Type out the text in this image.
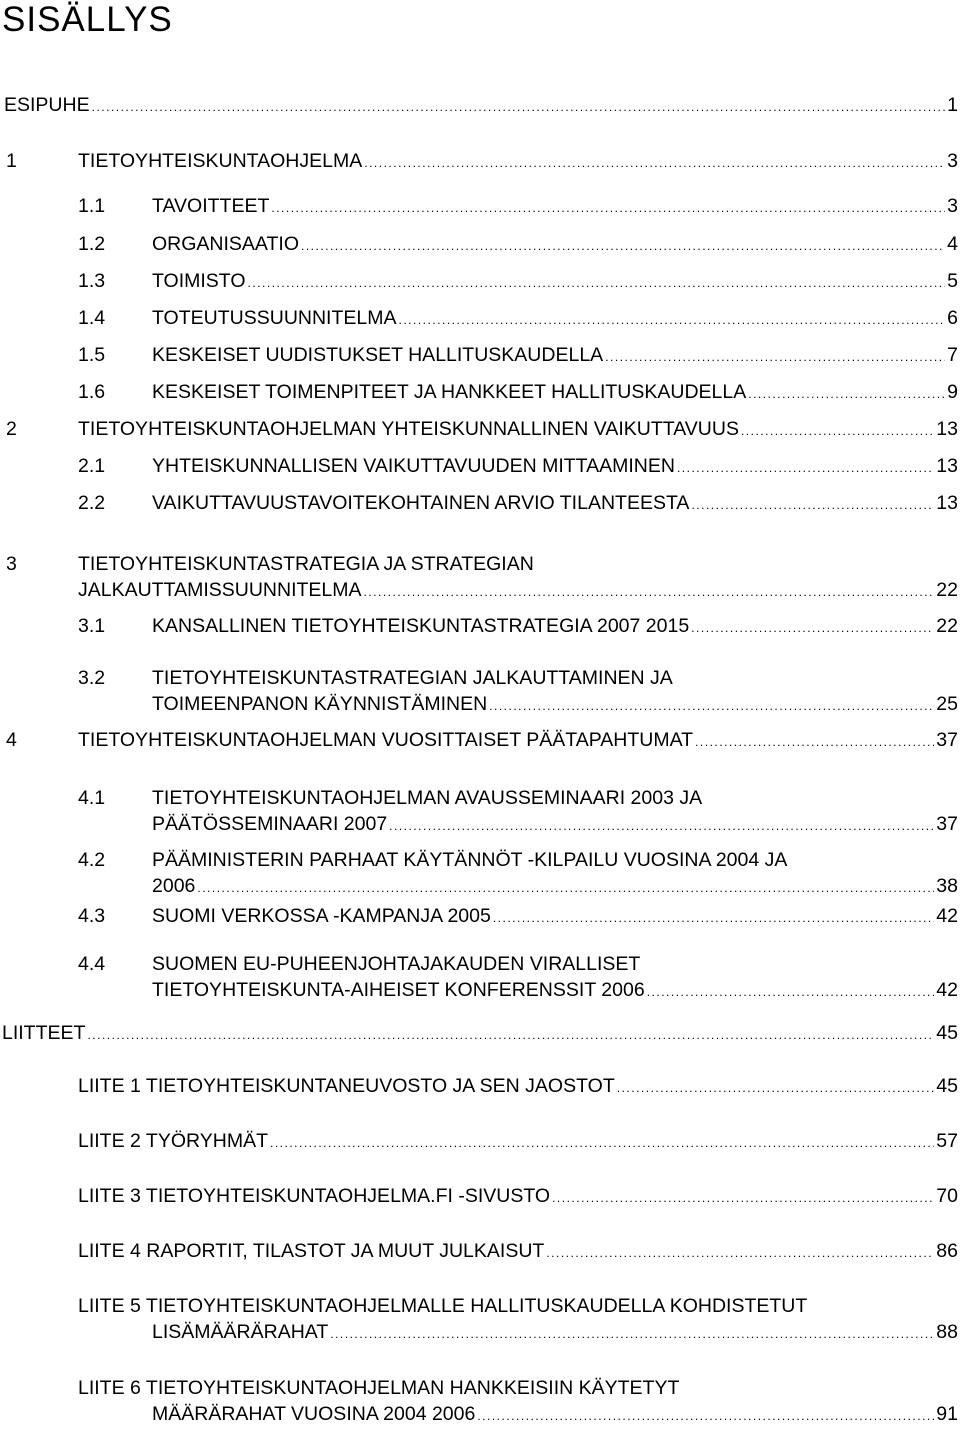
SISÄLLYS
ESIPUHE .....	1
1	TIETOYHTEISKUNTAOHJELMA .....	3
1.1 TAVOITTEET .....	3
1.2 ORGANISAATIO .....	4
1.3 TOIMISTO .....	5
1.4 TOTEUTUSSUUNNITELMA .....	6
1.5 KESKEISET UUDISTUKSET HALLITUSKAUDELLA .....	7
1.6 KESKEISET TOIMENPITEET JA HANKKEET HALLITUSKAUDELLA .....	9
2	TIETOYHTEISKUNTAOHJELMAN YHTEISKUNNALLINEN VAIKUTTAVUUS .....	13
2.1 YHTEISKUNNALLISEN VAIKUTTAVUUDEN MITTAAMINEN .....	13
2.2 VAIKUTTAVUUSTAVOITEKOHTAINEN ARVIO TILANTEESTA .....	13
3	TIETOYHTEISKUNTASTRATEGIA JA STRATEGIAN
JALKAUTTAMISSUUNNITELMA .....	22
3.1 KANSALLINEN TIETOYHTEISKUNTASTRATEGIA 2007 2015 .....	22
3.2 TIETOYHTEISKUNTASTRATEGIAN JALKAUTTAMINEN JA
TOIMEENPANON KÄYNNISTÄMINEN .....	25
4	TIETOYHTEISKUNTAOHJELMAN VUOSITTAISET PÄÄTAPAHTUMAT .....	37
4.1 TIETOYHTEISKUNTAOHJELMAN AVAUSSEMINAARI 2003 JA
PÄÄTÖSSEMINAARI 2007 .....	37
4.2 PÄÄMINISTERIN PARHAAT KÄYTÄNNÖT -KILPAILU VUOSINA 2004 JA
2006 .....	38
4.3 SUOMI VERKOSSA -KAMPANJA 2005 .....	42
4.4 SUOMEN EU-PUHEENJOHTAJAKAUDEN VIRALLISET
TIETOYHTEISKUNTA-AIHEISET KONFERENSSIT 2006 .....	42
LIITTEET .....	45
LIITE 1 TIETOYHTEISKUNTANEUVOSTO JA SEN JAOSTOT .....	45
LIITE 2 TYÖRYHMÄT .....	57
LIITE 3 TIETOYHTEISKUNTAOHJELMA.FI -SIVUSTO .....	70
LIITE 4 RAPORTIT, TILASTOT JA MUUT JULKAISUT .....	86
LIITE 5 TIETOYHTEISKUNTAOHJELMALLE HALLITUSKAUDELLA KOHDISTETUT
LISÄMÄÄRÄRAHAT .....	88
LIITE 6 TIETOYHTEISKUNTAOHJELMAN HANKKEISIIN KÄYTETYT
MÄÄRÄRAHAT VUOSINA 2004 2006 .....	91
